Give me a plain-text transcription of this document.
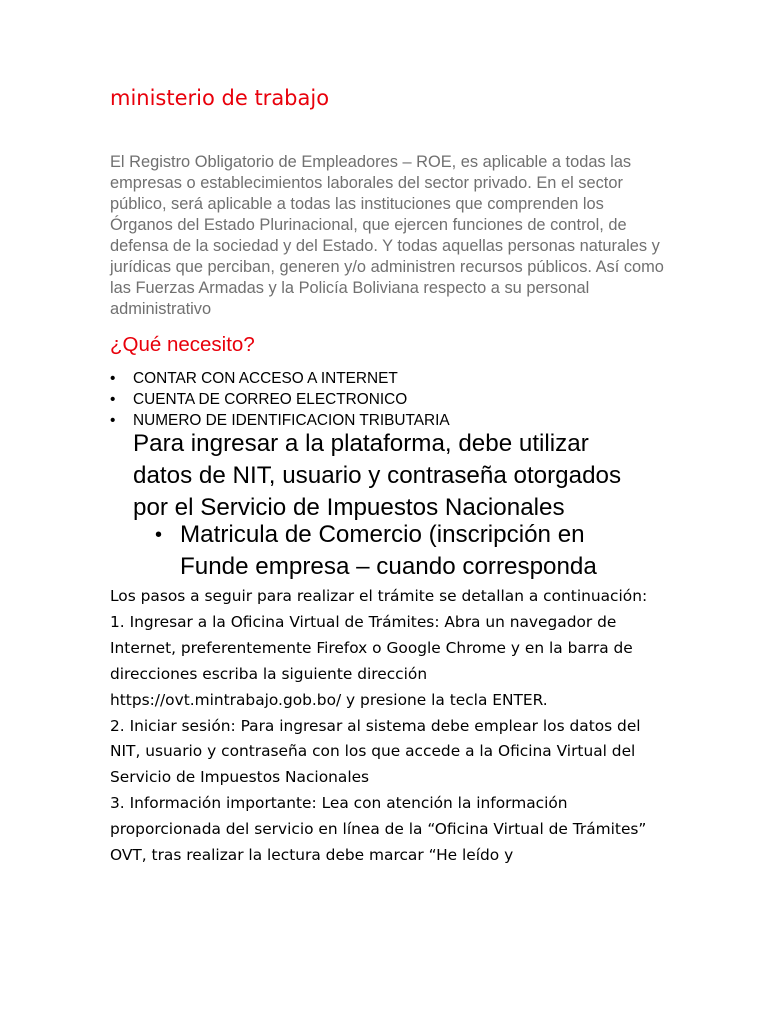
ministerio de trabajo

El Registro Obligatorio de Empleadores – ROE, es aplicable a todas las empresas o establecimientos laborales del sector privado. En el sector público, será aplicable a todas las instituciones que comprenden los Órganos del Estado Plurinacional, que ejercen funciones de control, de defensa de la sociedad y del Estado. Y todas aquellas personas naturales y jurídicas que perciban, generen y/o administren recursos públicos. Así como las Fuerzas Armadas y la Policía Boliviana respecto a su personal administrativo

¿Qué necesito?
• CONTAR CON ACCESO A INTERNET
• CUENTA DE CORREO ELECTRONICO
• NUMERO DE IDENTIFICACION TRIBUTARIA

Para ingresar a la plataforma, debe utilizar datos de NIT, usuario y contraseña otorgados por el Servicio de Impuestos Nacionales

• Matricula de Comercio (inscripción en Funde empresa – cuando corresponda
Los pasos a seguir para realizar el trámite se detallan a continuación:
1. Ingresar a la Oficina Virtual de Trámites: Abra un navegador de Internet, preferentemente Firefox o Google Chrome y en la barra de direcciones escriba la siguiente dirección https://ovt.mintrabajo.gob.bo/ y presione la tecla ENTER.
2. Iniciar sesión: Para ingresar al sistema debe emplear los datos del NIT, usuario y contraseña con los que accede a la Oficina Virtual del Servicio de Impuestos Nacionales
3. Información importante: Lea con atención la información proporcionada del servicio en línea de la “Oficina Virtual de Trámites” OVT, tras realizar la lectura debe marcar “He leído y
